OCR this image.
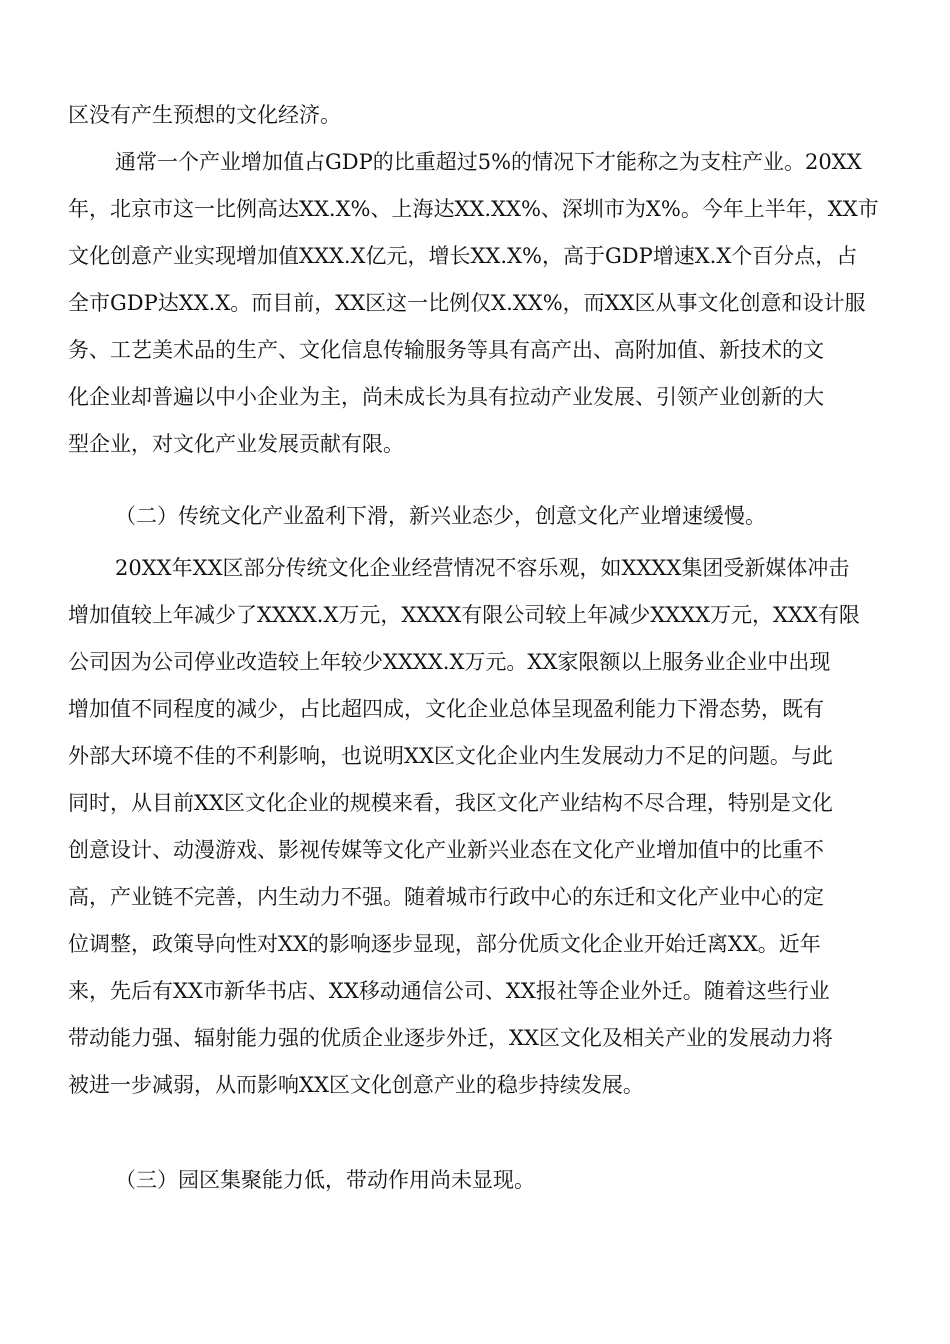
区没有产生预想的文化经济。
通常一个产业增加值占GDP的比重超过5%的情况下才能称之为支柱产业。20XX
年，北京市这一比例高达XX.X%、上海达XX.XX%、深圳市为X%。今年上半年，XX市
文化创意产业实现增加值XXX.X亿元，增长XX.X%，高于GDP增速X.X个百分点，占
全市GDP达XX.X。而目前，XX区这一比例仅X.XX%，而XX区从事文化创意和设计服
务、工艺美术品的生产、文化信息传输服务等具有高产出、高附加值、新技术的文
化企业却普遍以中小企业为主，尚未成长为具有拉动产业发展、引领产业创新的大
型企业，对文化产业发展贡献有限。
（二）传统文化产业盈利下滑，新兴业态少，创意文化产业增速缓慢。
20XX年XX区部分传统文化企业经营情况不容乐观，如XXXX集团受新媒体冲击
增加值较上年减少了XXXX.X万元，XXXX有限公司较上年减少XXXX万元，XXX有限
公司因为公司停业改造较上年较少XXXX.X万元。XX家限额以上服务业企业中出现
增加值不同程度的减少，占比超四成，文化企业总体呈现盈利能力下滑态势，既有
外部大环境不佳的不利影响，也说明XX区文化企业内生发展动力不足的问题。与此
同时，从目前XX区文化企业的规模来看，我区文化产业结构不尽合理，特别是文化
创意设计、动漫游戏、影视传媒等文化产业新兴业态在文化产业增加值中的比重不
高，产业链不完善，内生动力不强。随着城市行政中心的东迁和文化产业中心的定
位调整，政策导向性对XX的影响逐步显现，部分优质文化企业开始迁离XX。近年
来，先后有XX市新华书店、XX移动通信公司、XX报社等企业外迁。随着这些行业
带动能力强、辐射能力强的优质企业逐步外迁，XX区文化及相关产业的发展动力将
被进一步减弱，从而影响XX区文化创意产业的稳步持续发展。
（三）园区集聚能力低，带动作用尚未显现。
